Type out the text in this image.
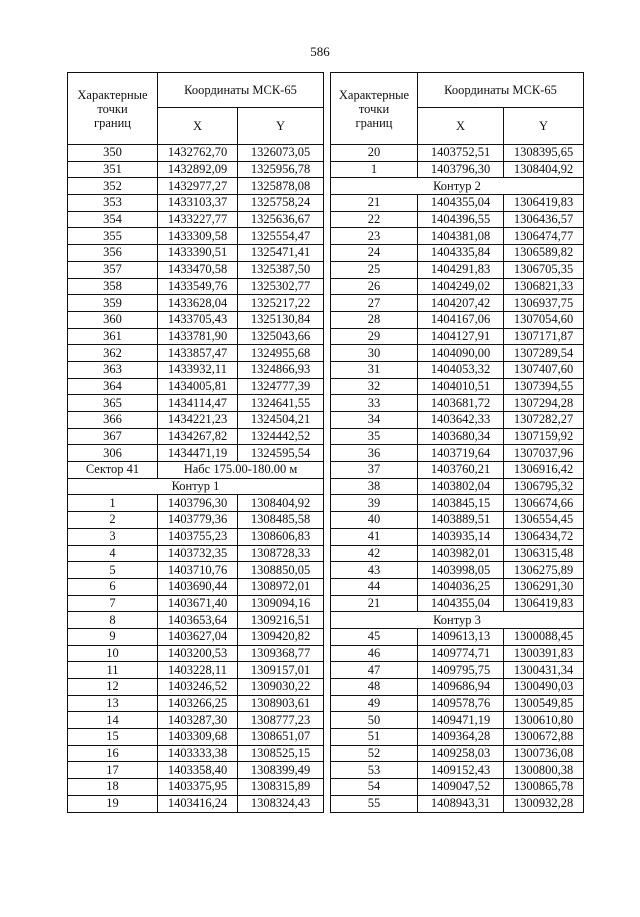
586
Характерные
точки
границ	Координаты МСК-65	
	X	Y
350	1432762,70	1326073,05
351	1432892,09	1325956,78
352	1432977,27	1325878,08
353	1433103,37	1325758,24
354	1433227,77	1325636,67
355	1433309,58	1325554,47
356	1433390,51	1325471,41
357	1433470,58	1325387,50
358	1433549,76	1325302,77
359	1433628,04	1325217,22
360	1433705,43	1325130,84
361	1433781,90	1325043,66
362	1433857,47	1324955,68
363	1433932,11	1324866,93
364	1434005,81	1324777,39
365	1434114,47	1324641,55
366	1434221,23	1324504,21
367	1434267,82	1324442,52
306	1434471,19	1324595,54
Сектор 41	Набс 175.00-180.00 м	
Контур 1		
1	1403796,30	1308404,92
2	1403779,36	1308485,58
3	1403755,23	1308606,83
4	1403732,35	1308728,33
5	1403710,76	1308850,05
6	1403690,44	1308972,01
7	1403671,40	1309094,16
8	1403653,64	1309216,51
9	1403627,04	1309420,82
10	1403200,53	1309368,77
11	1403228,11	1309157,01
12	1403246,52	1309030,22
13	1403266,25	1308903,61
14	1403287,30	1308777,23
15	1403309,68	1308651,07
16	1403333,38	1308525,15
17	1403358,40	1308399,49
18	1403375,95	1308315,89
19	1403416,24	1308324,43
Характерные
точки
границ	Координаты МСК-65	
	X	Y
20	1403752,51	1308395,65
1	1403796,30	1308404,92
Контур 2		
21	1404355,04	1306419,83
22	1404396,55	1306436,57
23	1404381,08	1306474,77
24	1404335,84	1306589,82
25	1404291,83	1306705,35
26	1404249,02	1306821,33
27	1404207,42	1306937,75
28	1404167,06	1307054,60
29	1404127,91	1307171,87
30	1404090,00	1307289,54
31	1404053,32	1307407,60
32	1404010,51	1307394,55
33	1403681,72	1307294,28
34	1403642,33	1307282,27
35	1403680,34	1307159,92
36	1403719,64	1307037,96
37	1403760,21	1306916,42
38	1403802,04	1306795,32
39	1403845,15	1306674,66
40	1403889,51	1306554,45
41	1403935,14	1306434,72
42	1403982,01	1306315,48
43	1403998,05	1306275,89
44	1404036,25	1306291,30
21	1404355,04	1306419,83
Контур 3		
45	1409613,13	1300088,45
46	1409774,71	1300391,83
47	1409795,75	1300431,34
48	1409686,94	1300490,03
49	1409578,76	1300549,85
50	1409471,19	1300610,80
51	1409364,28	1300672,88
52	1409258,03	1300736,08
53	1409152,43	1300800,38
54	1409047,52	1300865,78
55	1408943,31	1300932,28
